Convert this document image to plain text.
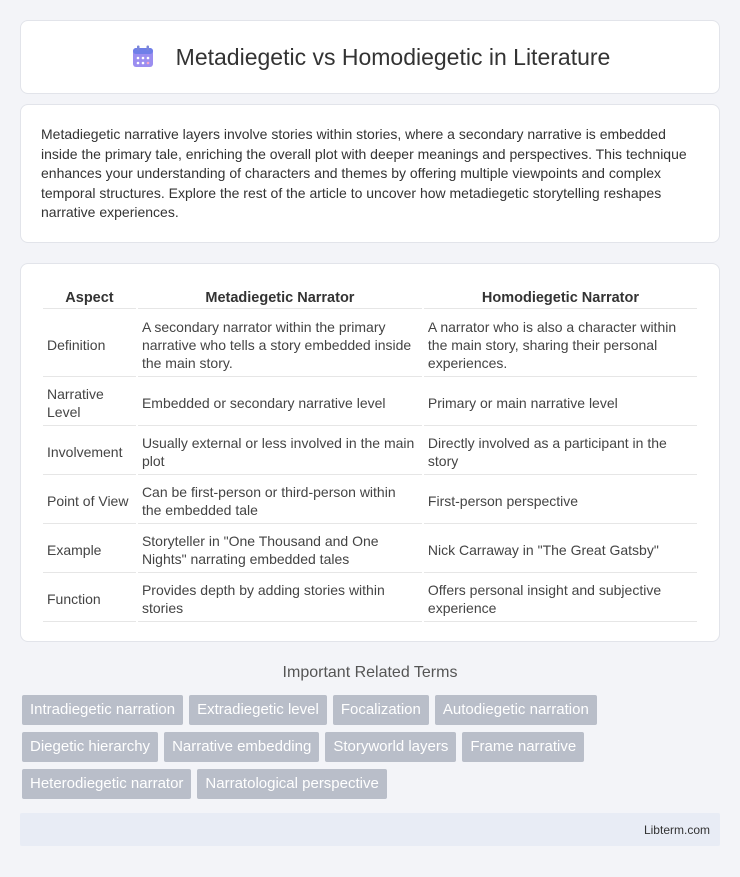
Metadiegetic vs Homodiegetic in Literature

Metadiegetic narrative layers involve stories within stories, where a secondary narrative is embedded inside the primary tale, enriching the overall plot with deeper meanings and perspectives. This technique enhances your understanding of characters and themes by offering multiple viewpoints and complex temporal structures. Explore the rest of the article to uncover how metadiegetic storytelling reshapes narrative experiences.

Aspect	Metadiegetic Narrator	Homodiegetic Narrator
Definition	A secondary narrator within the primary narrative who tells a story embedded inside the main story.	A narrator who is also a character within the main story, sharing their personal experiences.
Narrative Level	Embedded or secondary narrative level	Primary or main narrative level
Involvement	Usually external or less involved in the main plot	Directly involved as a participant in the story
Point of View	Can be first-person or third-person within the embedded tale	First-person perspective
Example	Storyteller in "One Thousand and One Nights" narrating embedded tales	Nick Carraway in "The Great Gatsby"
Function	Provides depth by adding stories within stories	Offers personal insight and subjective experience
Important Related Terms
Intradiegetic narration	Extradiegetic level	Focalization	Autodiegetic narration
Diegetic hierarchy	Narrative embedding	Storyworld layers	Frame narrative
Heterodiegetic narrator	Narratological perspective
Libterm.com
